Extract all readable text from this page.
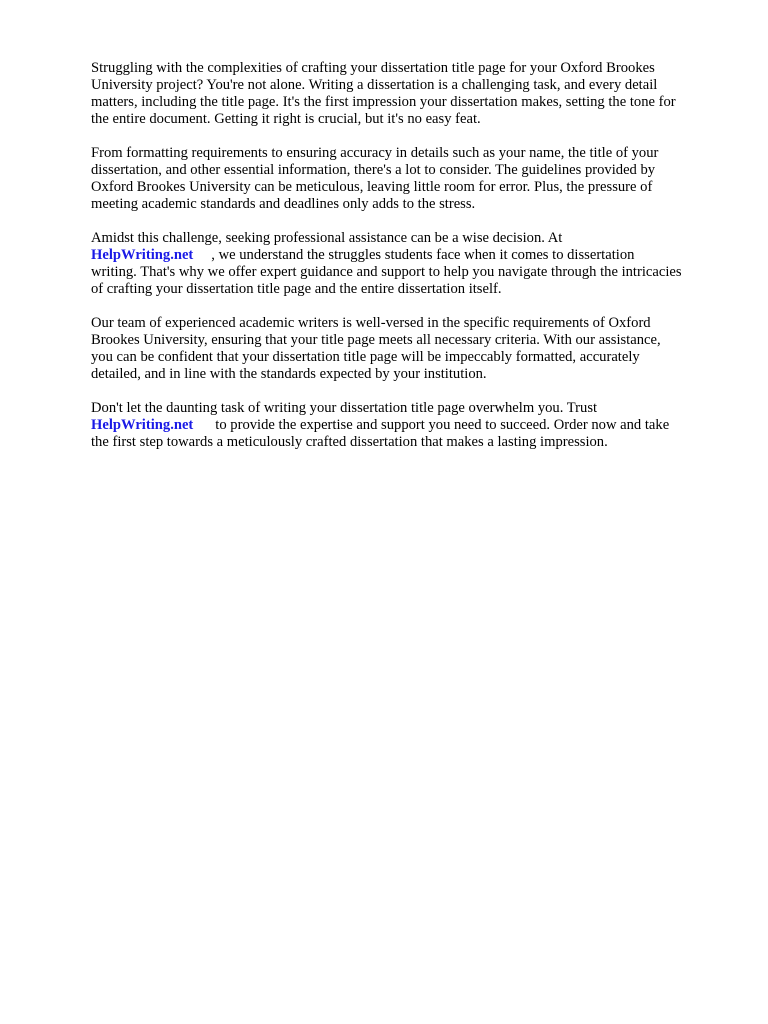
Struggling with the complexities of crafting your dissertation title page for your Oxford Brookes
University project? You're not alone. Writing a dissertation is a challenging task, and every detail
matters, including the title page. It's the first impression your dissertation makes, setting the tone for
the entire document. Getting it right is crucial, but it's no easy feat.

From formatting requirements to ensuring accuracy in details such as your name, the title of your
dissertation, and other essential information, there's a lot to consider. The guidelines provided by
Oxford Brookes University can be meticulous, leaving little room for error. Plus, the pressure of
meeting academic standards and deadlines only adds to the stress.

Amidst this challenge, seeking professional assistance can be a wise decision. At
HelpWriting.net , we understand the struggles students face when it comes to dissertation
writing. That's why we offer expert guidance and support to help you navigate through the intricacies
of crafting your dissertation title page and the entire dissertation itself.

Our team of experienced academic writers is well-versed in the specific requirements of Oxford
Brookes University, ensuring that your title page meets all necessary criteria. With our assistance,
you can be confident that your dissertation title page will be impeccably formatted, accurately
detailed, and in line with the standards expected by your institution.

Don't let the daunting task of writing your dissertation title page overwhelm you. Trust
HelpWriting.net to provide the expertise and support you need to succeed. Order now and take
the first step towards a meticulously crafted dissertation that makes a lasting impression.
